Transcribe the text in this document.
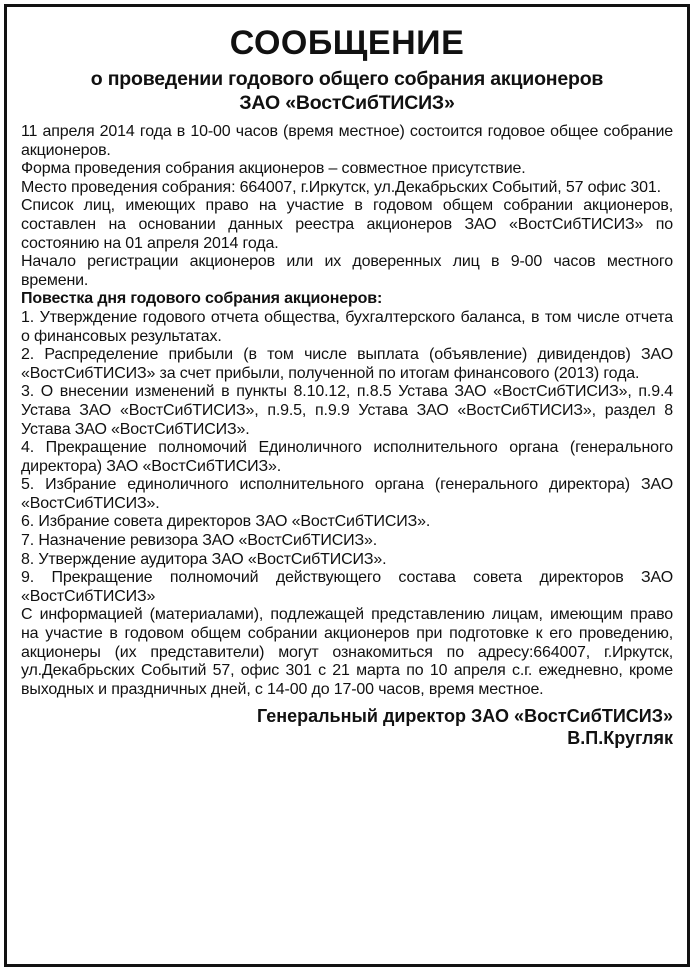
СООБЩЕНИЕ
о проведении годового общего собрания акционеров
ЗАО «ВостСибТИСИЗ»

11 апреля 2014 года в 10-00 часов (время местное) состоится годовое общее собрание акционеров.

Форма проведения собрания акционеров – совместное присутствие.

Место проведения собрания: 664007, г.Иркутск, ул.Декабрьских Событий, 57 офис 301.

Список лиц, имеющих право на участие в годовом общем собрании акционеров, составлен на основании данных реестра акционеров ЗАО «ВостСибТИСИЗ» по состоянию на 01 апреля 2014 года.

Начало регистрации акционеров или их доверенных лиц в 9-00 часов местного времени.

Повестка дня годового собрания акционеров:

1. Утверждение годового отчета общества, бухгалтерского баланса, в том числе отчета о финансовых результатах.

2. Распределение прибыли (в том числе выплата (объявление) дивидендов) ЗАО «ВостСибТИСИЗ» за счет прибыли, полученной по итогам финансового (2013) года.

3. О внесении изменений в пункты 8.10.12, п.8.5 Устава ЗАО «ВостСибТИСИЗ», п.9.4 Устава ЗАО «ВостСибТИСИЗ», п.9.5, п.9.9 Устава ЗАО «ВостСибТИСИЗ», раздел 8 Устава ЗАО «ВостСибТИСИЗ».

4. Прекращение полномочий Единоличного исполнительного органа (генерального директора) ЗАО «ВостСибТИСИЗ».

5. Избрание единоличного исполнительного органа (генерального директора) ЗАО «ВостСибТИСИЗ».

6. Избрание совета директоров ЗАО «ВостСибТИСИЗ».

7. Назначение ревизора ЗАО «ВостСибТИСИЗ».

8. Утверждение аудитора ЗАО «ВостСибТИСИЗ».

9. Прекращение полномочий действующего состава совета директоров ЗАО «ВостСибТИСИЗ»

С информацией (материалами), подлежащей представлению лицам, имеющим право на участие в годовом общем собрании акционеров при подготовке к его проведению, акционеры (их представители) могут ознакомиться по адресу:664007, г.Иркутск, ул.Декабрьских Событий 57, офис 301 с 21 марта по 10 апреля с.г. ежедневно, кроме выходных и праздничных дней, с 14-00 до 17-00 часов, время местное.

Генеральный директор ЗАО «ВостСибТИСИЗ»
В.П.Кругляк
